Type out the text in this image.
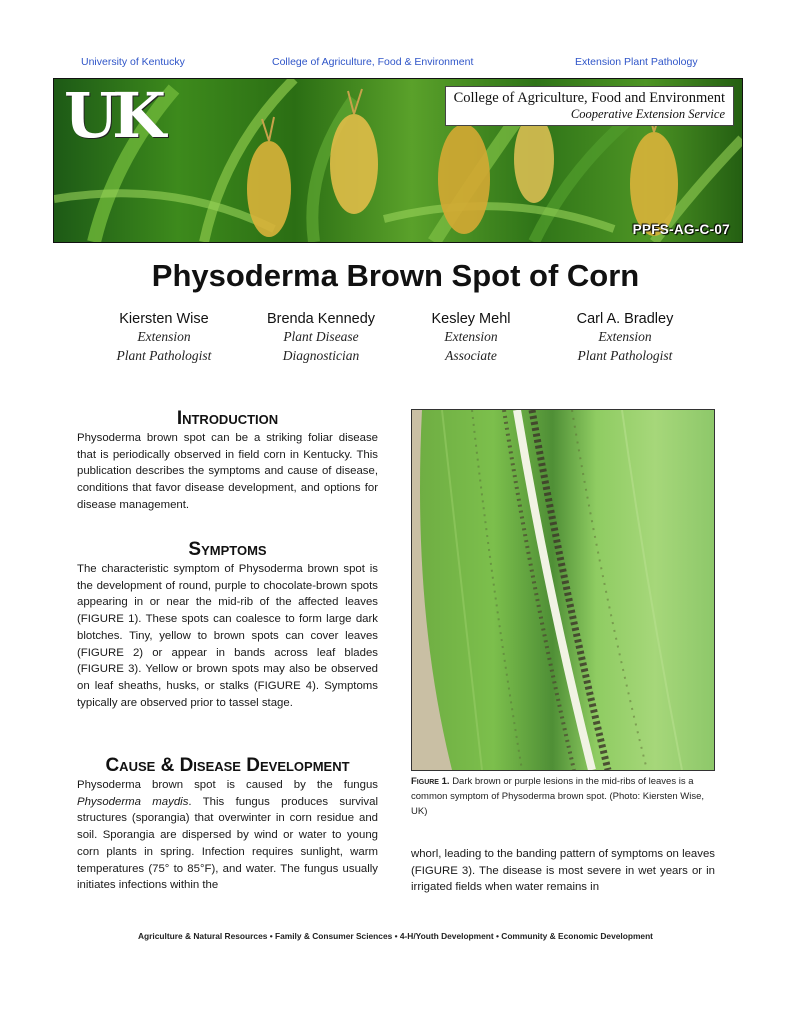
University of Kentucky	College of Agriculture, Food & Environment	Extension Plant Pathology
UK	College of Agriculture, Food and Environment
Cooperative Extension Service
PPFS-AG-C-07
Physoderma Brown Spot of Corn
Kiersten Wise
Extension
Plant Pathologist
Brenda Kennedy
Plant Disease
Diagnostician
Kesley Mehl
Extension
Associate
Carl A. Bradley
Extension
Plant Pathologist
Introduction

Physoderma brown spot can be a striking foliar disease that is periodically observed in field corn in Kentucky. This publication describes the symptoms and cause of disease, conditions that favor disease development, and options for disease management.

Symptoms

The characteristic symptom of Physoderma brown spot is the development of round, purple to chocolate-brown spots appearing in or near the mid-rib of the affected leaves (FIGURE 1). These spots can coalesce to form large dark blotches. Tiny, yellow to brown spots can cover leaves (FIGURE 2) or appear in bands across leaf blades (FIGURE 3). Yellow or brown spots may also be observed on leaf sheaths, husks, or stalks (FIGURE 4). Symptoms typically are observed prior to tassel stage.

Cause & Disease Development

Physoderma brown spot is caused by the fungus Physoderma maydis. This fungus produces survival structures (sporangia) that overwinter in corn residue and soil. Sporangia are dispersed by wind or water to young corn plants in spring. Infection requires sunlight, warm temperatures (75° to 85°F), and water. The fungus usually initiates infections within the

Figure 1. Dark brown or purple lesions in the mid-ribs of leaves is a common symptom of Physoderma brown spot. (Photo: Kiersten Wise, UK)

whorl, leading to the banding pattern of symptoms on leaves (FIGURE 3). The disease is most severe in wet years or in irrigated fields when water remains in

Agriculture & Natural Resources • Family & Consumer Sciences • 4-H/Youth Development • Community & Economic Development
